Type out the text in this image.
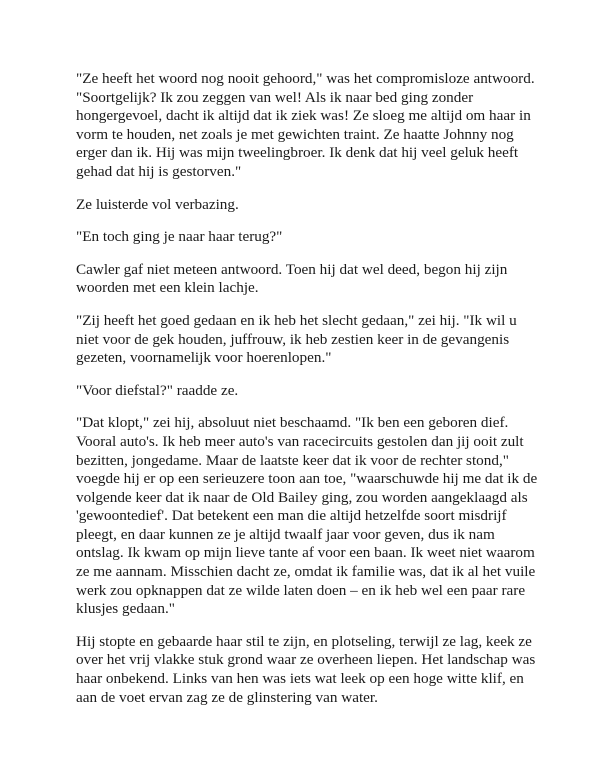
"Ze heeft het woord nog nooit gehoord," was het compromisloze antwoord.
"Soortgelijk? Ik zou zeggen van wel! Als ik naar bed ging zonder
hongergevoel, dacht ik altijd dat ik ziek was! Ze sloeg me altijd om haar in
vorm te houden, net zoals je met gewichten traint. Ze haatte Johnny nog
erger dan ik. Hij was mijn tweelingbroer. Ik denk dat hij veel geluk heeft
gehad dat hij is gestorven."

Ze luisterde vol verbazing.

"En toch ging je naar haar terug?"

Cawler gaf niet meteen antwoord. Toen hij dat wel deed, begon hij zijn
woorden met een klein lachje.

"Zij heeft het goed gedaan en ik heb het slecht gedaan," zei hij. "Ik wil u
niet voor de gek houden, juffrouw, ik heb zestien keer in de gevangenis
gezeten, voornamelijk voor hoerenlopen."

"Voor diefstal?" raadde ze.

"Dat klopt," zei hij, absoluut niet beschaamd. "Ik ben een geboren dief.
Vooral auto's. Ik heb meer auto's van racecircuits gestolen dan jij ooit zult
bezitten, jongedame. Maar de laatste keer dat ik voor de rechter stond,"
voegde hij er op een serieuzere toon aan toe, "waarschuwde hij me dat ik de
volgende keer dat ik naar de Old Bailey ging, zou worden aangeklaagd als
'gewoontedief'. Dat betekent een man die altijd hetzelfde soort misdrijf
pleegt, en daar kunnen ze je altijd twaalf jaar voor geven, dus ik nam
ontslag. Ik kwam op mijn lieve tante af voor een baan. Ik weet niet waarom
ze me aannam. Misschien dacht ze, omdat ik familie was, dat ik al het vuile
werk zou opknappen dat ze wilde laten doen – en ik heb wel een paar rare
klusjes gedaan."

Hij stopte en gebaarde haar stil te zijn, en plotseling, terwijl ze lag, keek ze
over het vrij vlakke stuk grond waar ze overheen liepen. Het landschap was
haar onbekend. Links van hen was iets wat leek op een hoge witte klif, en
aan de voet ervan zag ze de glinstering van water.
